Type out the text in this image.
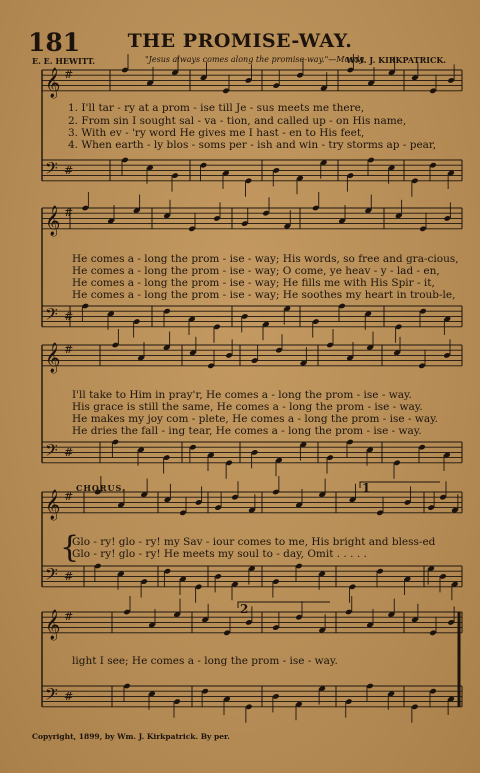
181	THE PROMISE-WAY.
E. E. HEWITT.	"Jesus always comes along the promise-way."—Moody.
WM. J. KIRKPATRICK.
𝄞
𝄢
#
#
𝄞
𝄢
#
#
𝄞
𝄢
#
#
𝄞
𝄢
#
#
𝄞
𝄢
#
#
1. I'll tar - ry at a prom - ise till Je - sus meets me there,
2. From sin I sought sal - va - tion, and called up - on His name,
3. With ev - 'ry word He gives me I hast - en to His feet,
4. When earth - ly blos - soms per - ish and win - try storms ap - pear,
He comes a - long the prom - ise - way; His words, so free and gra-cious,
He comes a - long the prom - ise - way; O come, ye heav - y - lad - en,
He comes a - long the prom - ise - way; He fills me with His Spir - it,
He comes a - long the prom - ise - way; He soothes my heart in troub-le,
I'll take to Him in pray'r, He comes a - long the prom - ise - way.
His grace is still the same, He comes a - long the prom - ise - way.
He makes my joy com - plete, He comes a - long the prom - ise - way.
He dries the fall - ing tear, He comes a - long the prom - ise - way.
CHORUS.	1
{
Glo - ry! glo - ry! my Sav - iour comes to me, His bright and bless-ed
Glo - ry! glo - ry! He meets my soul to - day, Omit . . . . .
2
light I see; He comes a - long the prom - ise - way.
Copyright, 1899, by Wm. J. Kirkpatrick. By per.
